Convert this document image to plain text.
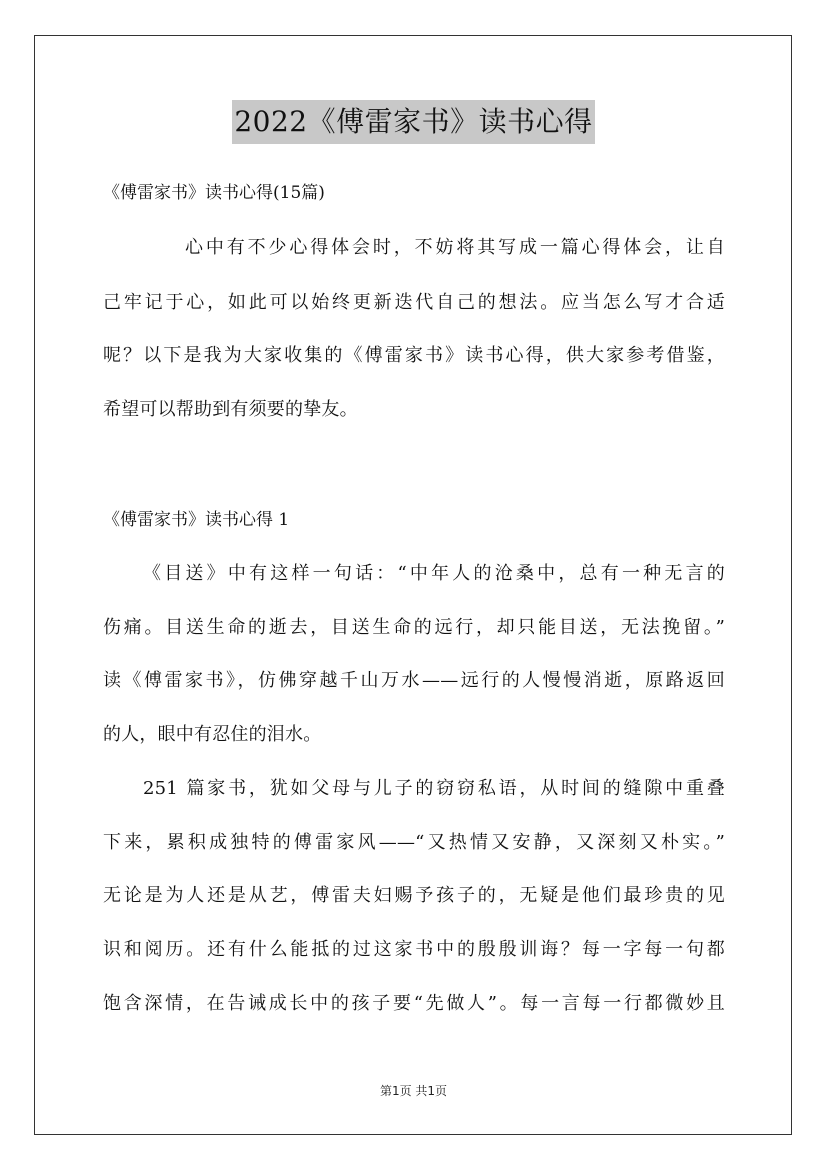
2022《傅雷家书》读书心得
《傅雷家书》读书心得(15篇)
心中有不少心得体会时，不妨将其写成一篇心得体会，让自
己牢记于心，如此可以始终更新迭代自己的想法。应当怎么写才合适
呢？以下是我为大家收集的《傅雷家书》读书心得，供大家参考借鉴，
希望可以帮助到有须要的挚友。
《傅雷家书》读书心得 1
《目送》中有这样一句话：“中年人的沧桑中，总有一种无言的
伤痛。目送生命的逝去，目送生命的远行，却只能目送，无法挽留。”
读《傅雷家书》，仿佛穿越千山万水——远行的人慢慢消逝，原路返回
的人，眼中有忍住的泪水。
251 篇家书，犹如父母与儿子的窃窃私语，从时间的缝隙中重叠
下来，累积成独特的傅雷家风——“又热情又安静，又深刻又朴实。”
无论是为人还是从艺，傅雷夫妇赐予孩子的，无疑是他们最珍贵的见
识和阅历。还有什么能抵的过这家书中的殷殷训诲？每一字每一句都
饱含深情，在告诫成长中的孩子要“先做人”。每一言每一行都微妙且
第1页 共1页
